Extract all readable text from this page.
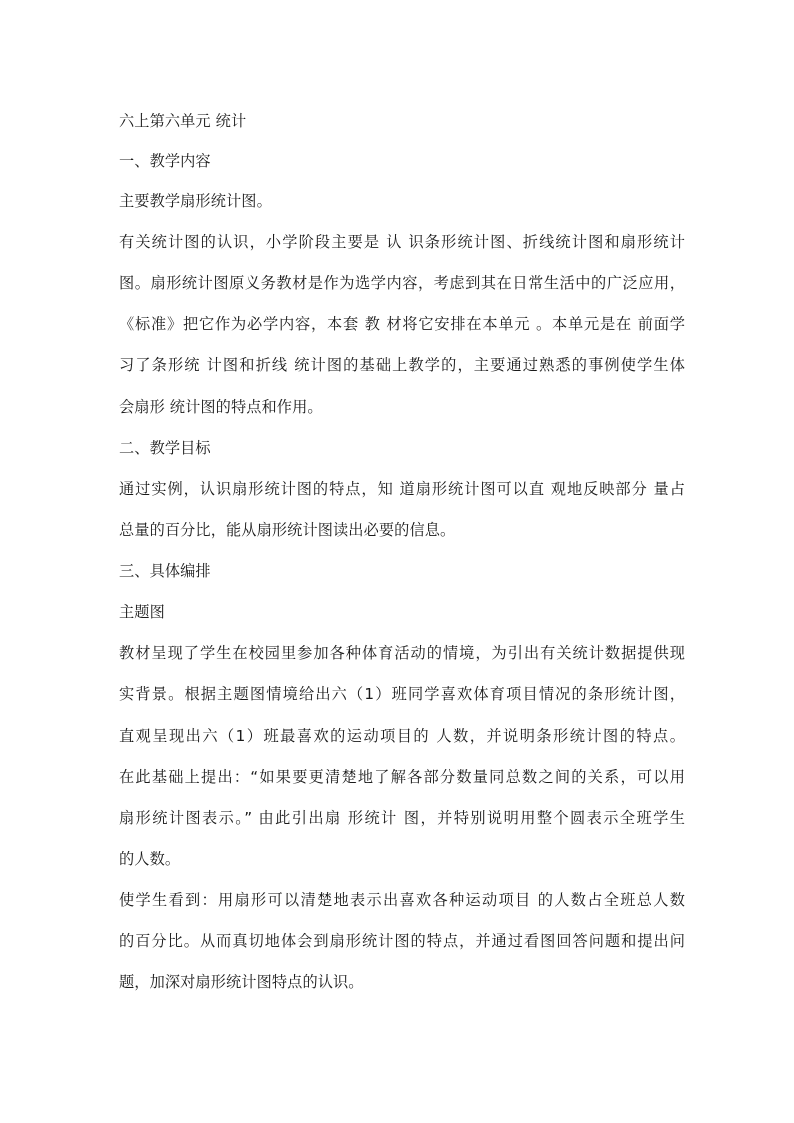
六上第六单元 统计
一、教学内容
主要教学扇形统计图。
有关统计图的认识，小学阶段主要是 认 识条形统计图、折线统计图和扇形统计
图。扇形统计图原义务教材是作为选学内容，考虑到其在日常生活中的广泛应用，
《标准》把它作为必学内容，本套 教 材将它安排在本单元 。本单元是在 前面学
习了条形统 计图和折线 统计图的基础上教学的，主要通过熟悉的事例使学生体
会扇形 统计图的特点和作用。
二、教学目标
通过实例，认识扇形统计图的特点，知 道扇形统计图可以直 观地反映部分 量占
总量的百分比，能从扇形统计图读出必要的信息。
三、具体编排
主题图
教材呈现了学生在校园里参加各种体育活动的情境，为引出有关统计数据提供现
实背景。根据主题图情境给出六（1）班同学喜欢体育项目情况的条形统计图，
直观呈现出六（1）班最喜欢的运动项目的 人数，并说明条形统计图的特点。
在此基础上提出：“如果要更清楚地了解各部分数量同总数之间的关系，可以用
扇形统计图表示。” 由此引出扇 形统计 图，并特别说明用整个圆表示全班学生
的人数。
使学生看到：用扇形可以清楚地表示出喜欢各种运动项目 的人数占全班总人数
的百分比。从而真切地体会到扇形统计图的特点，并通过看图回答问题和提出问
题，加深对扇形统计图特点的认识。
